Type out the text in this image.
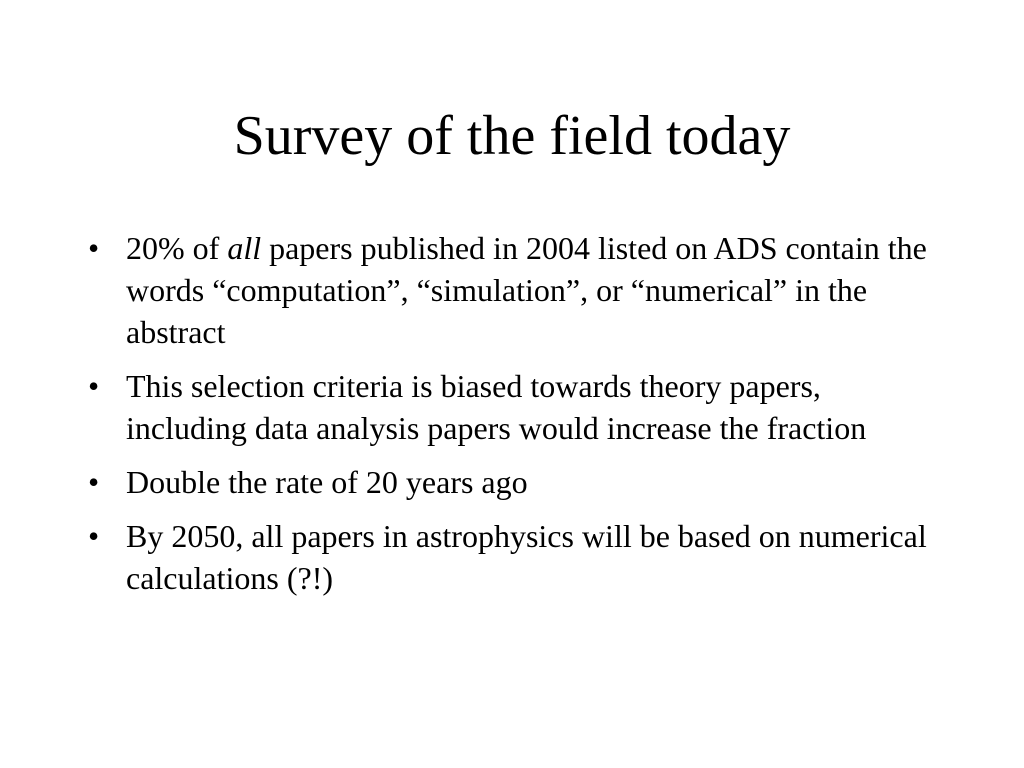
Survey of the field today
• 20% of all papers published in 2004 listed on ADS contain the words “computation”, “simulation”, or “numerical” in the abstract
• This selection criteria is biased towards theory papers, including data analysis papers would increase the fraction
• Double the rate of 20 years ago
• By 2050, all papers in astrophysics will be based on numerical calculations (?!)
